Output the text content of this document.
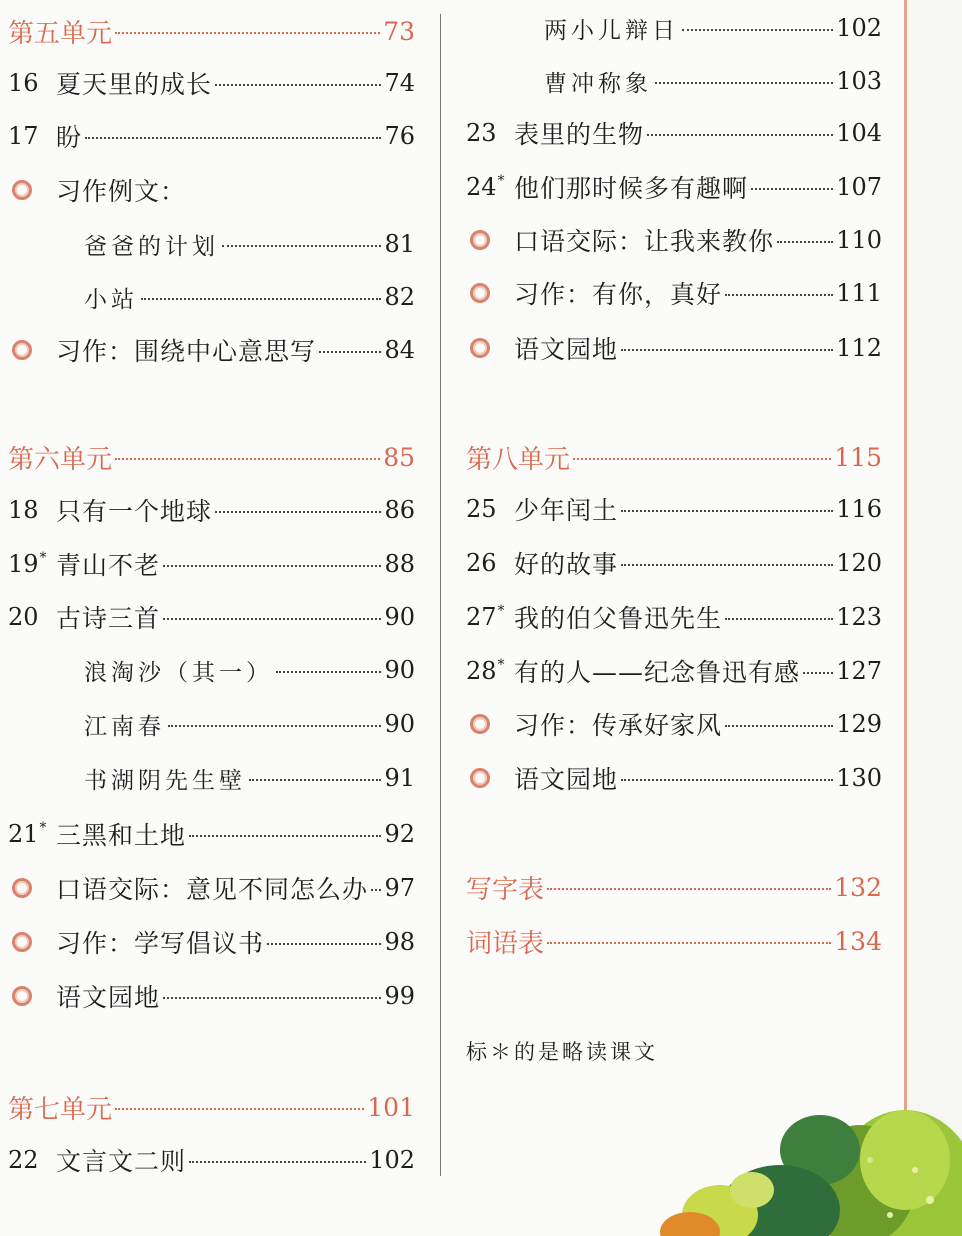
第五单元	73
16 夏天里的成长	74
17 盼	76
习作例文：
爸爸的计划	81
小站	82
习作：围绕中心意思写	84
第六单元	85
18 只有一个地球	86
19* 青山不老	88
20 古诗三首	90
浪淘沙（其一）	90
江南春	90
书湖阴先生壁	91
21* 三黑和土地	92
口语交际：意见不同怎么办 97
习作：学写倡议书	98
语文园地	99
第七单元	101
22 文言文二则	102
两小儿辩日	102
曹冲称象	103
23 表里的生物	104
24* 他们那时候多有趣啊	107
口语交际：让我来教你	110
习作：有你，真好	111
语文园地	112
第八单元	115
25 少年闰土	116
26 好的故事	120
27* 我的伯父鲁迅先生	123
28* 有的人——纪念鲁迅有感 127
习作：传承好家风	129
语文园地	130
写字表	132
词语表	134
标＊的是略读课文
